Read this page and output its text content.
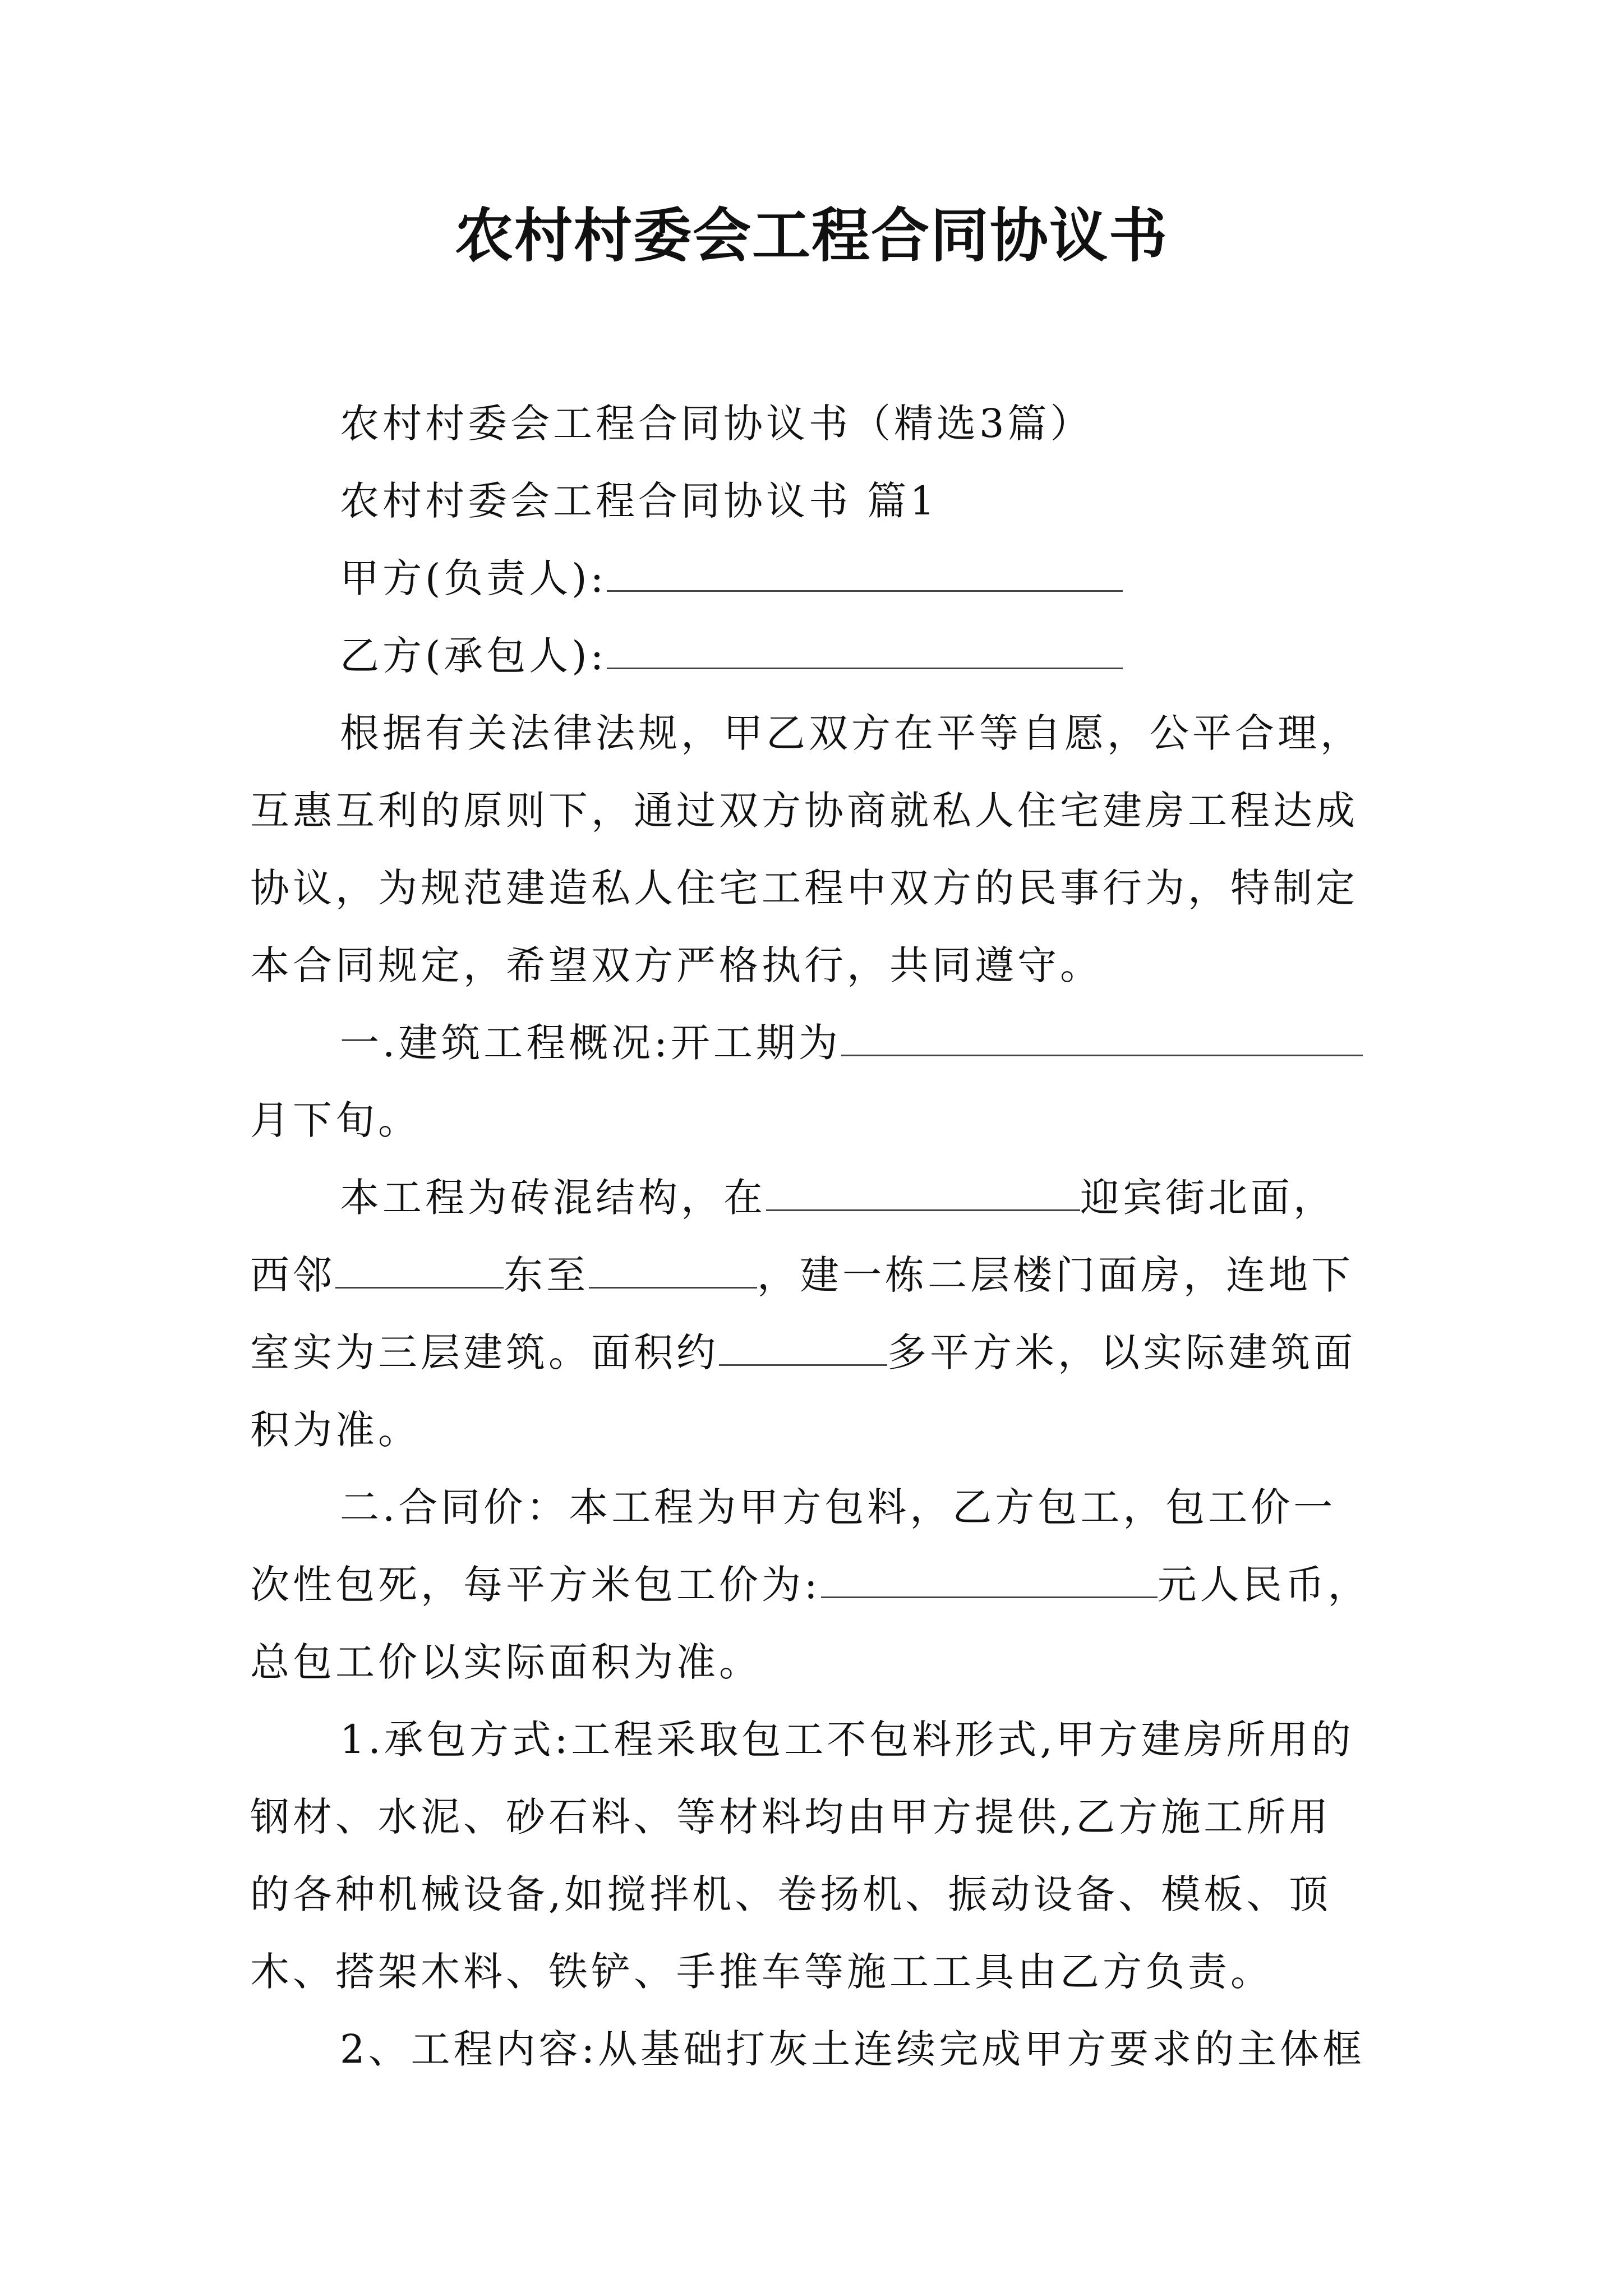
农村村委会工程合同协议书
农村村委会工程合同协议书（精选3篇）
农村村委会工程合同协议书 篇1
甲方(负责人):
乙方(承包人):
根据有关法律法规，甲乙双方在平等自愿，公平合理，
互惠互利的原则下，通过双方协商就私人住宅建房工程达成
协议，为规范建造私人住宅工程中双方的民事行为，特制定
本合同规定，希望双方严格执行，共同遵守。
一.建筑工程概况:开工期为
月下旬。
本工程为砖混结构，在	迎宾街北面，
西邻	东至	，建一栋二层楼门面房，连地下
室实为三层建筑。面积约	多平方米，以实际建筑面
积为准。
二.合同价：本工程为甲方包料，乙方包工，包工价一
次性包死，每平方米包工价为:	元人民币，
总包工价以实际面积为准。
1.承包方式:工程采取包工不包料形式,甲方建房所用的
钢材、水泥、砂石料、等材料均由甲方提供,乙方施工所用
的各种机械设备,如搅拌机、卷扬机、振动设备、模板、顶
木、搭架木料、铁铲、手推车等施工工具由乙方负责。
2、工程内容:从基础打灰土连续完成甲方要求的主体框
